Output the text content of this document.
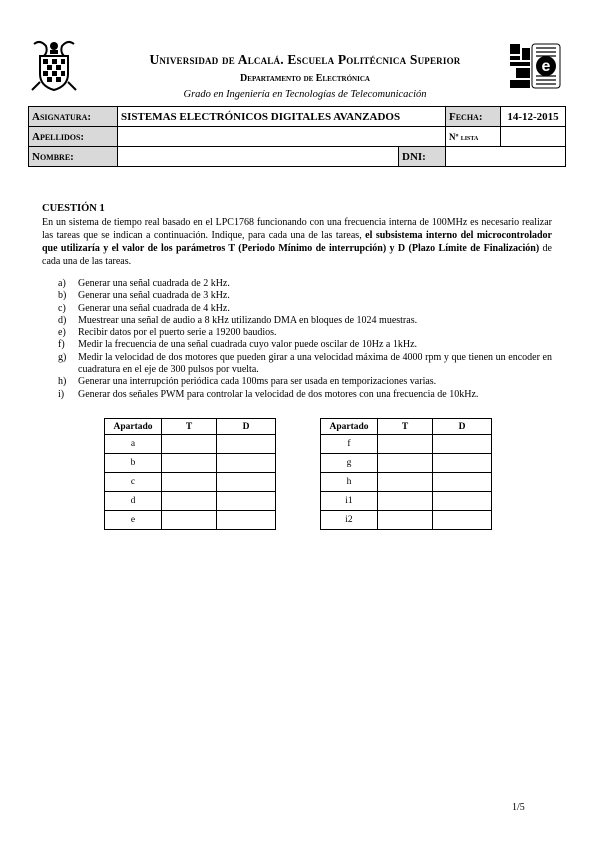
e
Universidad de Alcalá. Escuela Politécnica Superior
Departamento de Electrónica
Grado en Ingeniería en Tecnologías de Telecomunicación
Asignatura:	SISTEMAS ELECTRÓNICOS DIGITALES AVANZADOS		Fecha:	14-12-2015
Apellidos:			Nº lista	
Nombre:		DNI:		
CUESTIÓN 1
En un sistema de tiempo real basado en el LPC1768 funcionando con una frecuencia interna de 100MHz es necesario realizar las tareas que se indican a continuación. Indique, para cada una de las tareas, el subsistema interno del microcontrolador que utilizaría y el valor de los parámetros T (Periodo Mínimo de interrupción) y D (Plazo Límite de Finalización) de cada una de las tareas.
a) Generar una señal cuadrada de 2 kHz.
b) Generar una señal cuadrada de 3 kHz.
c) Generar una señal cuadrada de 4 kHz.
d) Muestrear una señal de audio a 8 kHz utilizando DMA en bloques de 1024 muestras.
e) Recibir datos por el puerto serie a 19200 baudios.
f) Medir la frecuencia de una señal cuadrada cuyo valor puede oscilar de 10Hz a 1kHz.
g) Medir la velocidad de dos motores que pueden girar a una velocidad máxima de 4000 rpm y que tienen un encoder en cuadratura en el eje de 300 pulsos por vuelta.
h) Generar una interrupción periódica cada 100ms para ser usada en temporizaciones varias.
i) Generar dos señales PWM para controlar la velocidad de dos motores con una frecuencia de 10kHz.
Apartado	T	D
a		
b		
c		
d		
e		
Apartado	T	D
f		
g		
h		
i1		
i2		
1/5
